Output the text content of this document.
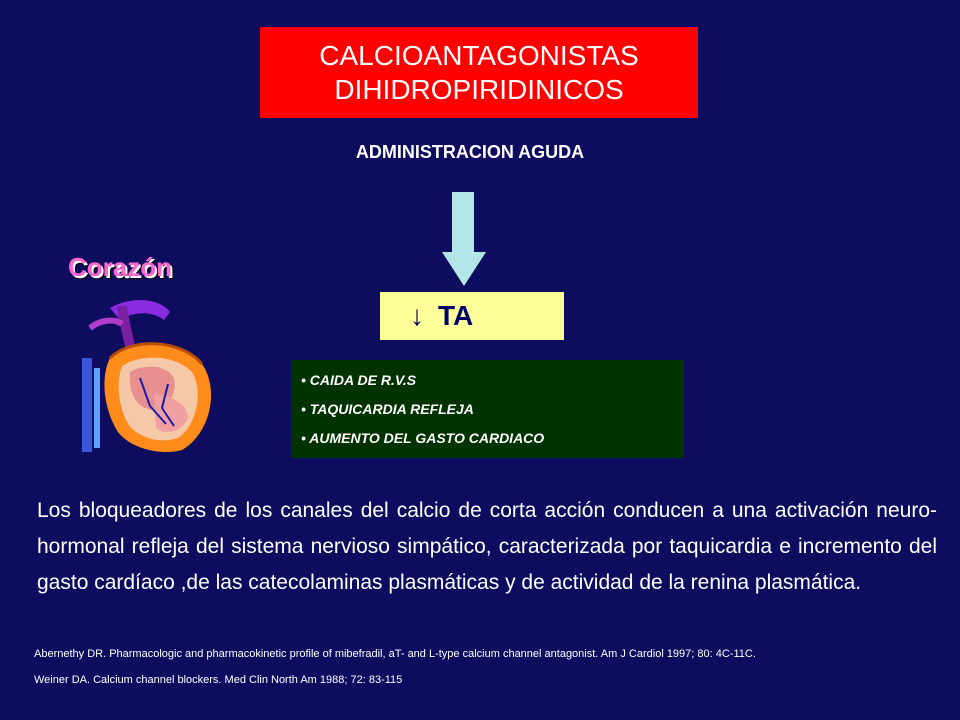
CALCIOANTAGONISTAS
DIHIDROPIRIDINICOS
ADMINISTRACION AGUDA
↓ TA
Corazón
• CAIDA DE R.V.S
• TAQUICARDIA REFLEJA
• AUMENTO DEL GASTO CARDIACO
Los bloqueadores de los canales del calcio de corta acción conducen a una activación neuro-hormonal refleja del sistema nervioso simpático, caracterizada por taquicardia e incremento del gasto cardíaco ,de las catecolaminas plasmáticas y de actividad de la renina plasmática.
Abernethy DR. Pharmacologic and pharmacokinetic profile of mibefradil, aT- and L-type calcium channel antagonist. Am J Cardiol 1997; 80: 4C-11C.
Weiner DA. Calcium channel blockers. Med Clin North Am 1988; 72: 83-115
